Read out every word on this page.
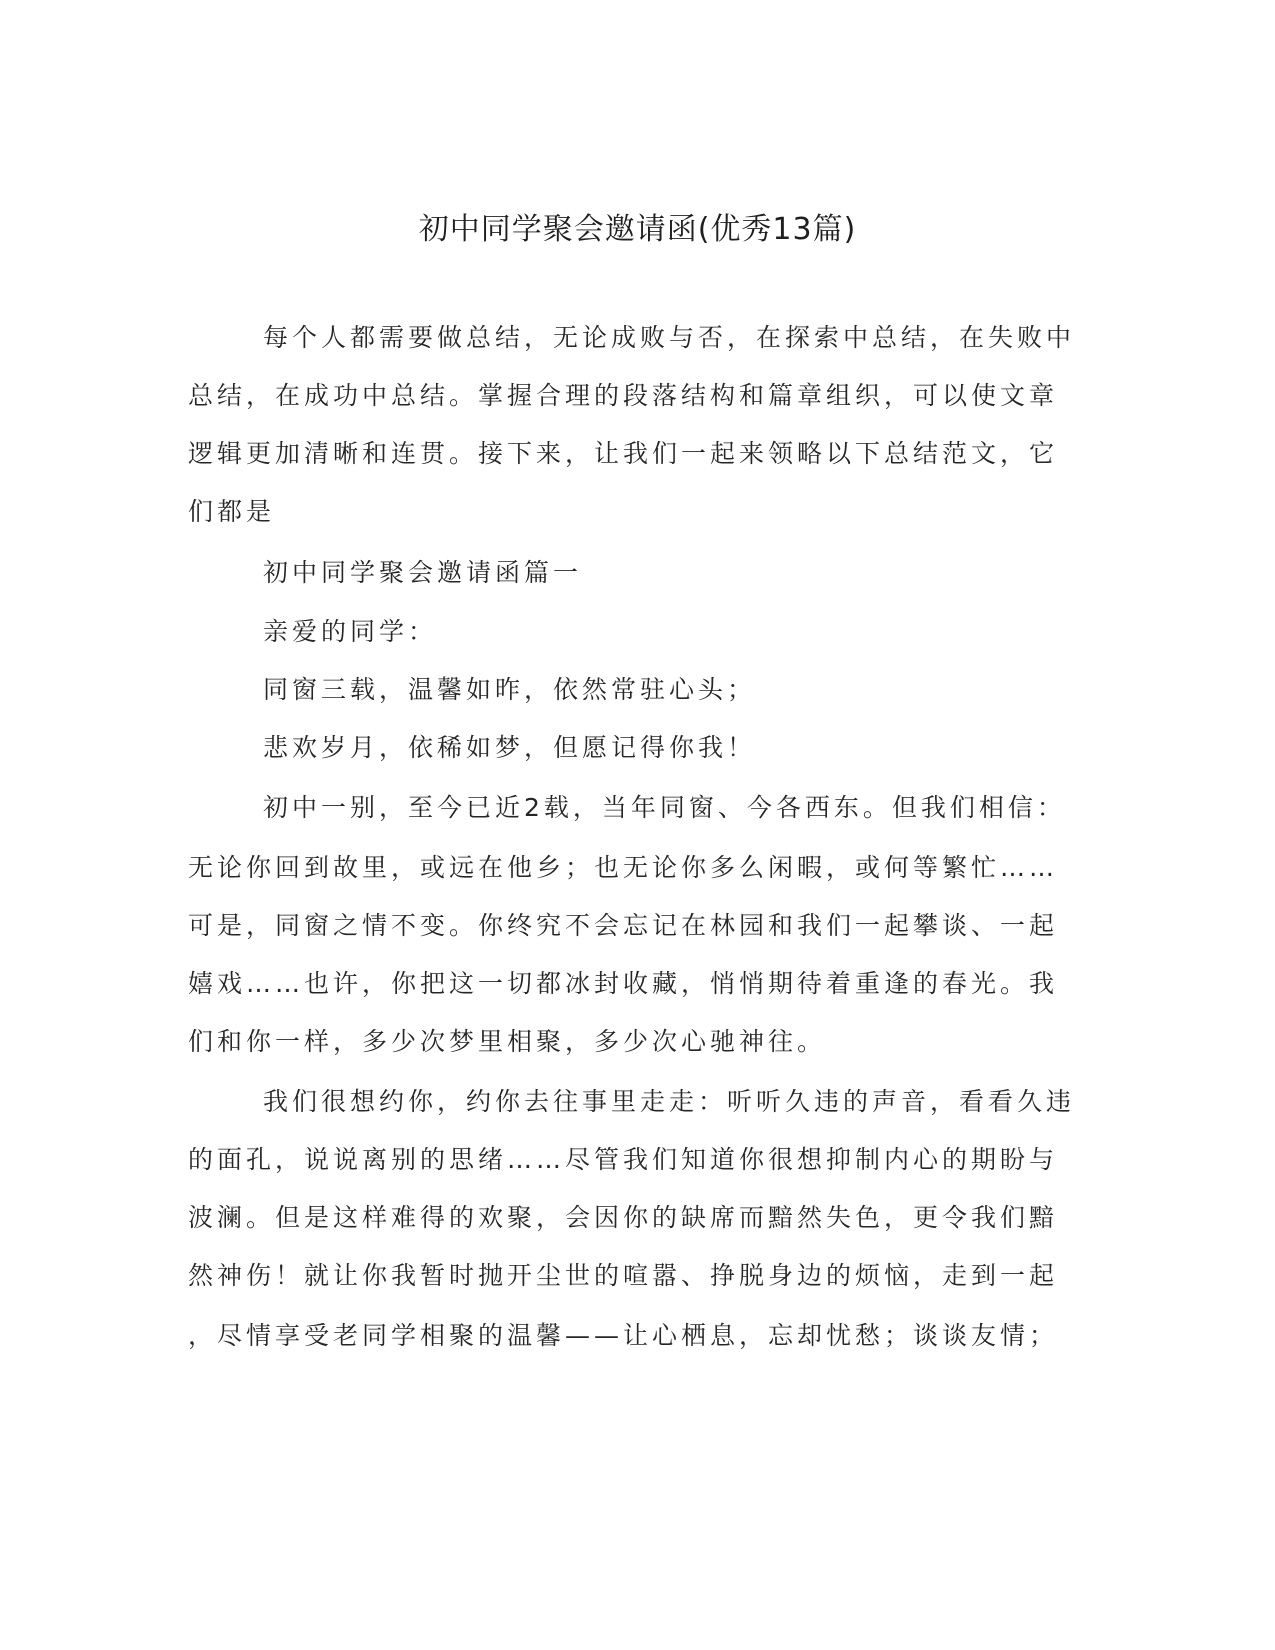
初中同学聚会邀请函(优秀13篇)
每个人都需要做总结，无论成败与否，在探索中总结，在失败中
总结，在成功中总结。掌握合理的段落结构和篇章组织，可以使文章
逻辑更加清晰和连贯。接下来，让我们一起来领略以下总结范文，它
们都是
初中同学聚会邀请函篇一
亲爱的同学：
同窗三载，温馨如昨，依然常驻心头；
悲欢岁月，依稀如梦，但愿记得你我！
初中一别，至今已近2载，当年同窗、今各西东。但我们相信：
无论你回到故里，或远在他乡；也无论你多么闲暇，或何等繁忙……
可是，同窗之情不变。你终究不会忘记在林园和我们一起攀谈、一起
嬉戏……也许，你把这一切都冰封收藏，悄悄期待着重逢的春光。我
们和你一样，多少次梦里相聚，多少次心驰神往。
我们很想约你，约你去往事里走走：听听久违的声音，看看久违
的面孔，说说离别的思绪……尽管我们知道你很想抑制内心的期盼与
波澜。但是这样难得的欢聚，会因你的缺席而黯然失色，更令我们黯
然神伤！就让你我暂时抛开尘世的喧嚣、挣脱身边的烦恼，走到一起
，尽情享受老同学相聚的温馨——让心栖息，忘却忧愁；谈谈友情；
